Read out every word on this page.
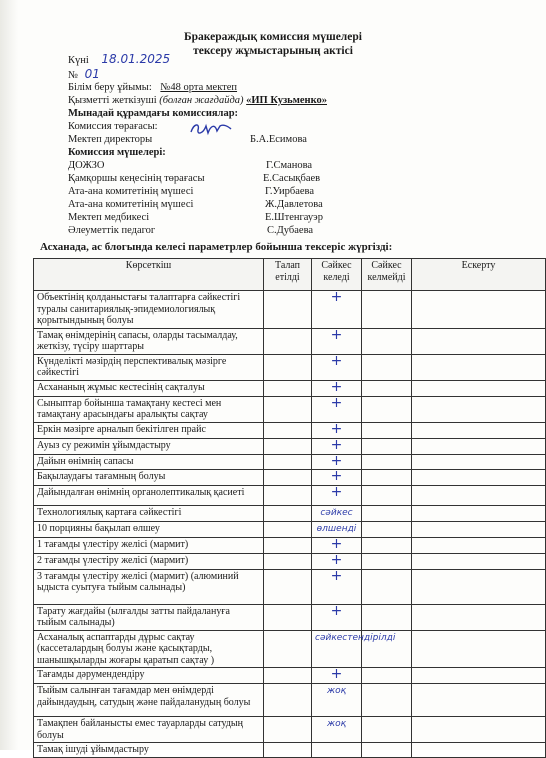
Бракераждық комиссия мүшелері
тексеру жұмыстарының актісі
Күні 18.01.2025
№ 01
Білім беру ұйымы: №48 орта мектеп
Қызметті жеткізуші (болған жағдайда) «ИП Кузьменко»
Мынадай құрамдағы комиссиялар:
Комиссия төрағасы:
Мектеп директоры	Б.А.Есимова
Комиссия мүшелері:
ДОЖЗО	Г.Сманова
Қамқоршы кеңесінің төрағасы	Е.Сасықбаев
Ата-ана комитетінің мүшесі	Г.Уирбаева
Ата-ана комитетінің мүшесі	Ж.Давлетова
Мектеп медбикесі	Е.Штенгауэр
Әлеуметтік педагог	С.Дубаева
Асханада, ас блогында келесі параметрлер бойынша тексеріс жүргізді:
Көрсеткіш	Талап етілді	Сәйкес келеді	Сәйкес келмейді	Ескерту
Объектінің қолданыстағы талаптарға сәйкестігі туралы санитариялық-эпидемиологиялық қорытындының болуы		+		
Тамақ өнімдерінің сапасы, оларды тасымалдау, жеткізу, түсіру шарттары		+		
Күнделікті мәзірдің перспективалық мәзірге сәйкестігі		+		
Асхананың жұмыс кестесінің сақталуы		+		
Сыныптар бойынша тамақтану кестесі мен тамақтану арасындағы аралықты сақтау		+		
Еркін мәзірге арналып бекітілген прайс		+		
Ауыз су режимін ұйымдастыру		+		
Дайын өнімнің сапасы		+		
Бақылаудағы тағамның болуы		+		
Дайындалған өнімнің органолептикалық қасиеті		+		
Технологиялық картаға сәйкестігі		сәйкес		
10 порцияны бақылап өлшеу		өлшенді		
1 тағамды үлестіру желісі (мармит)		+		
2 тағамды үлестіру желісі (мармит)		+		
3 тағамды үлестіру желісі (мармит) (алюминий ыдыста суытуға тыйым салынады)		+		
Тарату жағдайы (ылғалды затты пайдалануға тыйым салынады)		+		
Асханалық аспаптарды дұрыс сақтау (кассеталардың болуы және қасықтарды, шанышқыларды жоғары қаратып сақтау )		сәйкестендірілді		
Тағамды дәрумендендіру		+		
Тыйым салынған тағамдар мен өнімдерді дайындаудың, сатудың және пайдаланудың болуы		жоқ		
Тамақпен байланысты емес тауарларды сатудың болуы		жоқ		
Тамақ ішуді ұйымдастыру				
